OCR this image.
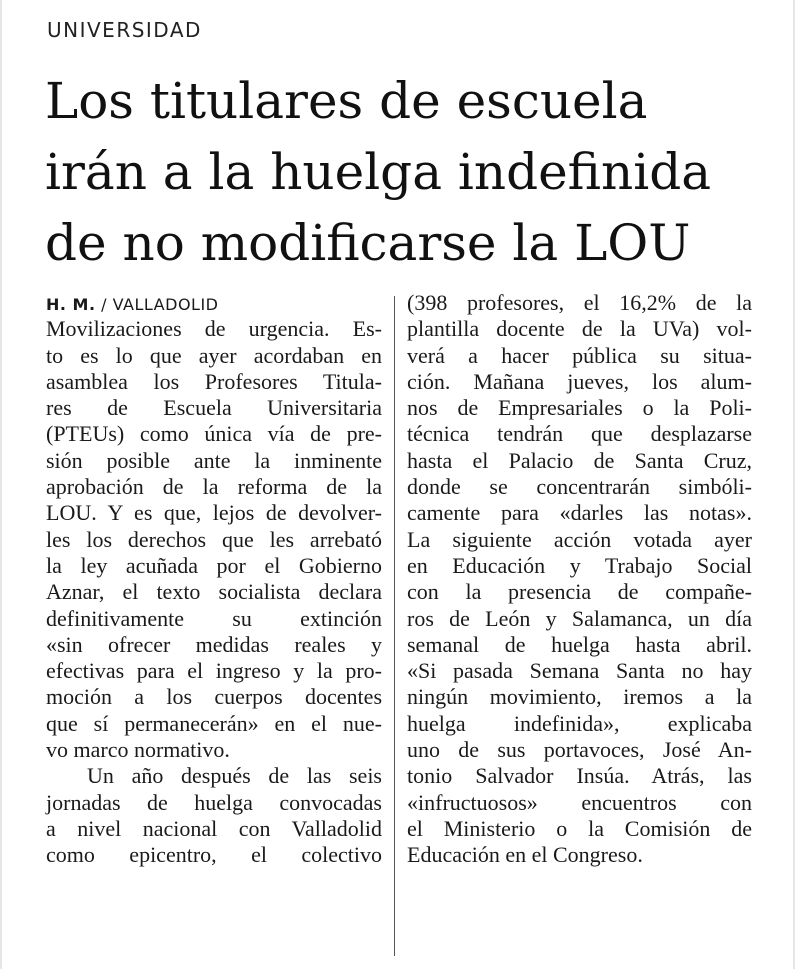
UNIVERSIDAD
Los titulares de escuela
irán a la huelga indefinida
de no modificarse la LOU
H. M. / VALLADOLID
Movilizaciones de urgencia. Es-
to es lo que ayer acordaban en
asamblea los Profesores Titula-
res de Escuela Universitaria
(PTEUs) como única vía de pre-
sión posible ante la inminente
aprobación de la reforma de la
LOU. Y es que, lejos de devolver-
les los derechos que les arrebató
la ley acuñada por el Gobierno
Aznar, el texto socialista declara
definitivamente su extinción
«sin ofrecer medidas reales y
efectivas para el ingreso y la pro-
moción a los cuerpos docentes
que sí permanecerán» en el nue-
vo marco normativo.
Un año después de las seis
jornadas de huelga convocadas
a nivel nacional con Valladolid
como epicentro, el colectivo
(398 profesores, el 16,2% de la
plantilla docente de la UVa) vol-
verá a hacer pública su situa-
ción. Mañana jueves, los alum-
nos de Empresariales o la Poli-
técnica tendrán que desplazarse
hasta el Palacio de Santa Cruz,
donde se concentrarán simbóli-
camente para «darles las notas».
La siguiente acción votada ayer
en Educación y Trabajo Social
con la presencia de compañe-
ros de León y Salamanca, un día
semanal de huelga hasta abril.
«Si pasada Semana Santa no hay
ningún movimiento, iremos a la
huelga indefinida», explicaba
uno de sus portavoces, José An-
tonio Salvador Insúa. Atrás, las
«infructuosos» encuentros con
el Ministerio o la Comisión de
Educación en el Congreso.
